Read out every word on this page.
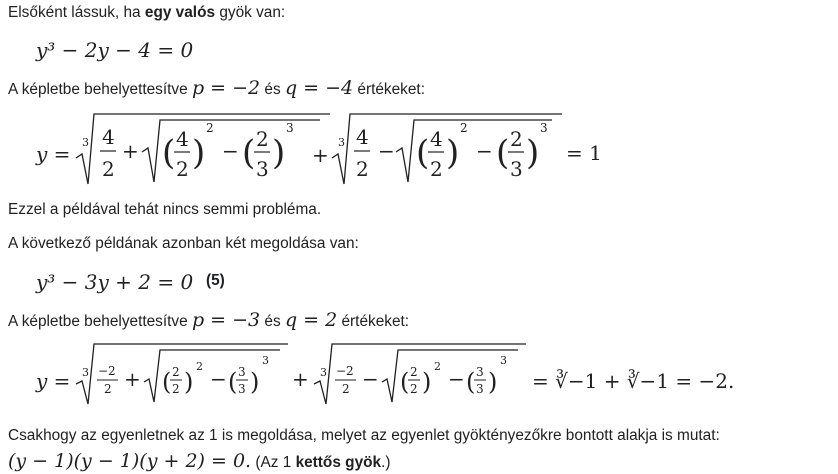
Elsőként lássuk, ha egy valós gyök van:
y³ − 2y − 4 = 0
A képletbe behelyettesítve p = −2 és q = −4 értékeket:
y = 3 4
2
+ ( 4
2 )
2
− ( 2
3 )
3
+
3 4
2
− ( 4
2 )
2
− ( 2
3 )
3
= 1
Ezzel a példával tehát nincs semmi probléma.
A következő példának azonban két megoldása van:
y³ − 3y + 2 = 0 (5)
A képletbe behelyettesítve p = −3 és q = 2 értékeket:
y = 3 −2
2 + ( 2
2 )
2
− ( 3
3 )
3
+ 3 −2
2 − ( 2
2 )
2
− ( 3
3 )
3
= ∛−1 + ∛−1 = −2.
Csakhogy az egyenletnek az 1 is megoldása, melyet az egyenlet gyöktényezőkre bontott alakja is mutat:
(y − 1)(y − 1)(y + 2) = 0. (Az 1 kettős gyök.)
